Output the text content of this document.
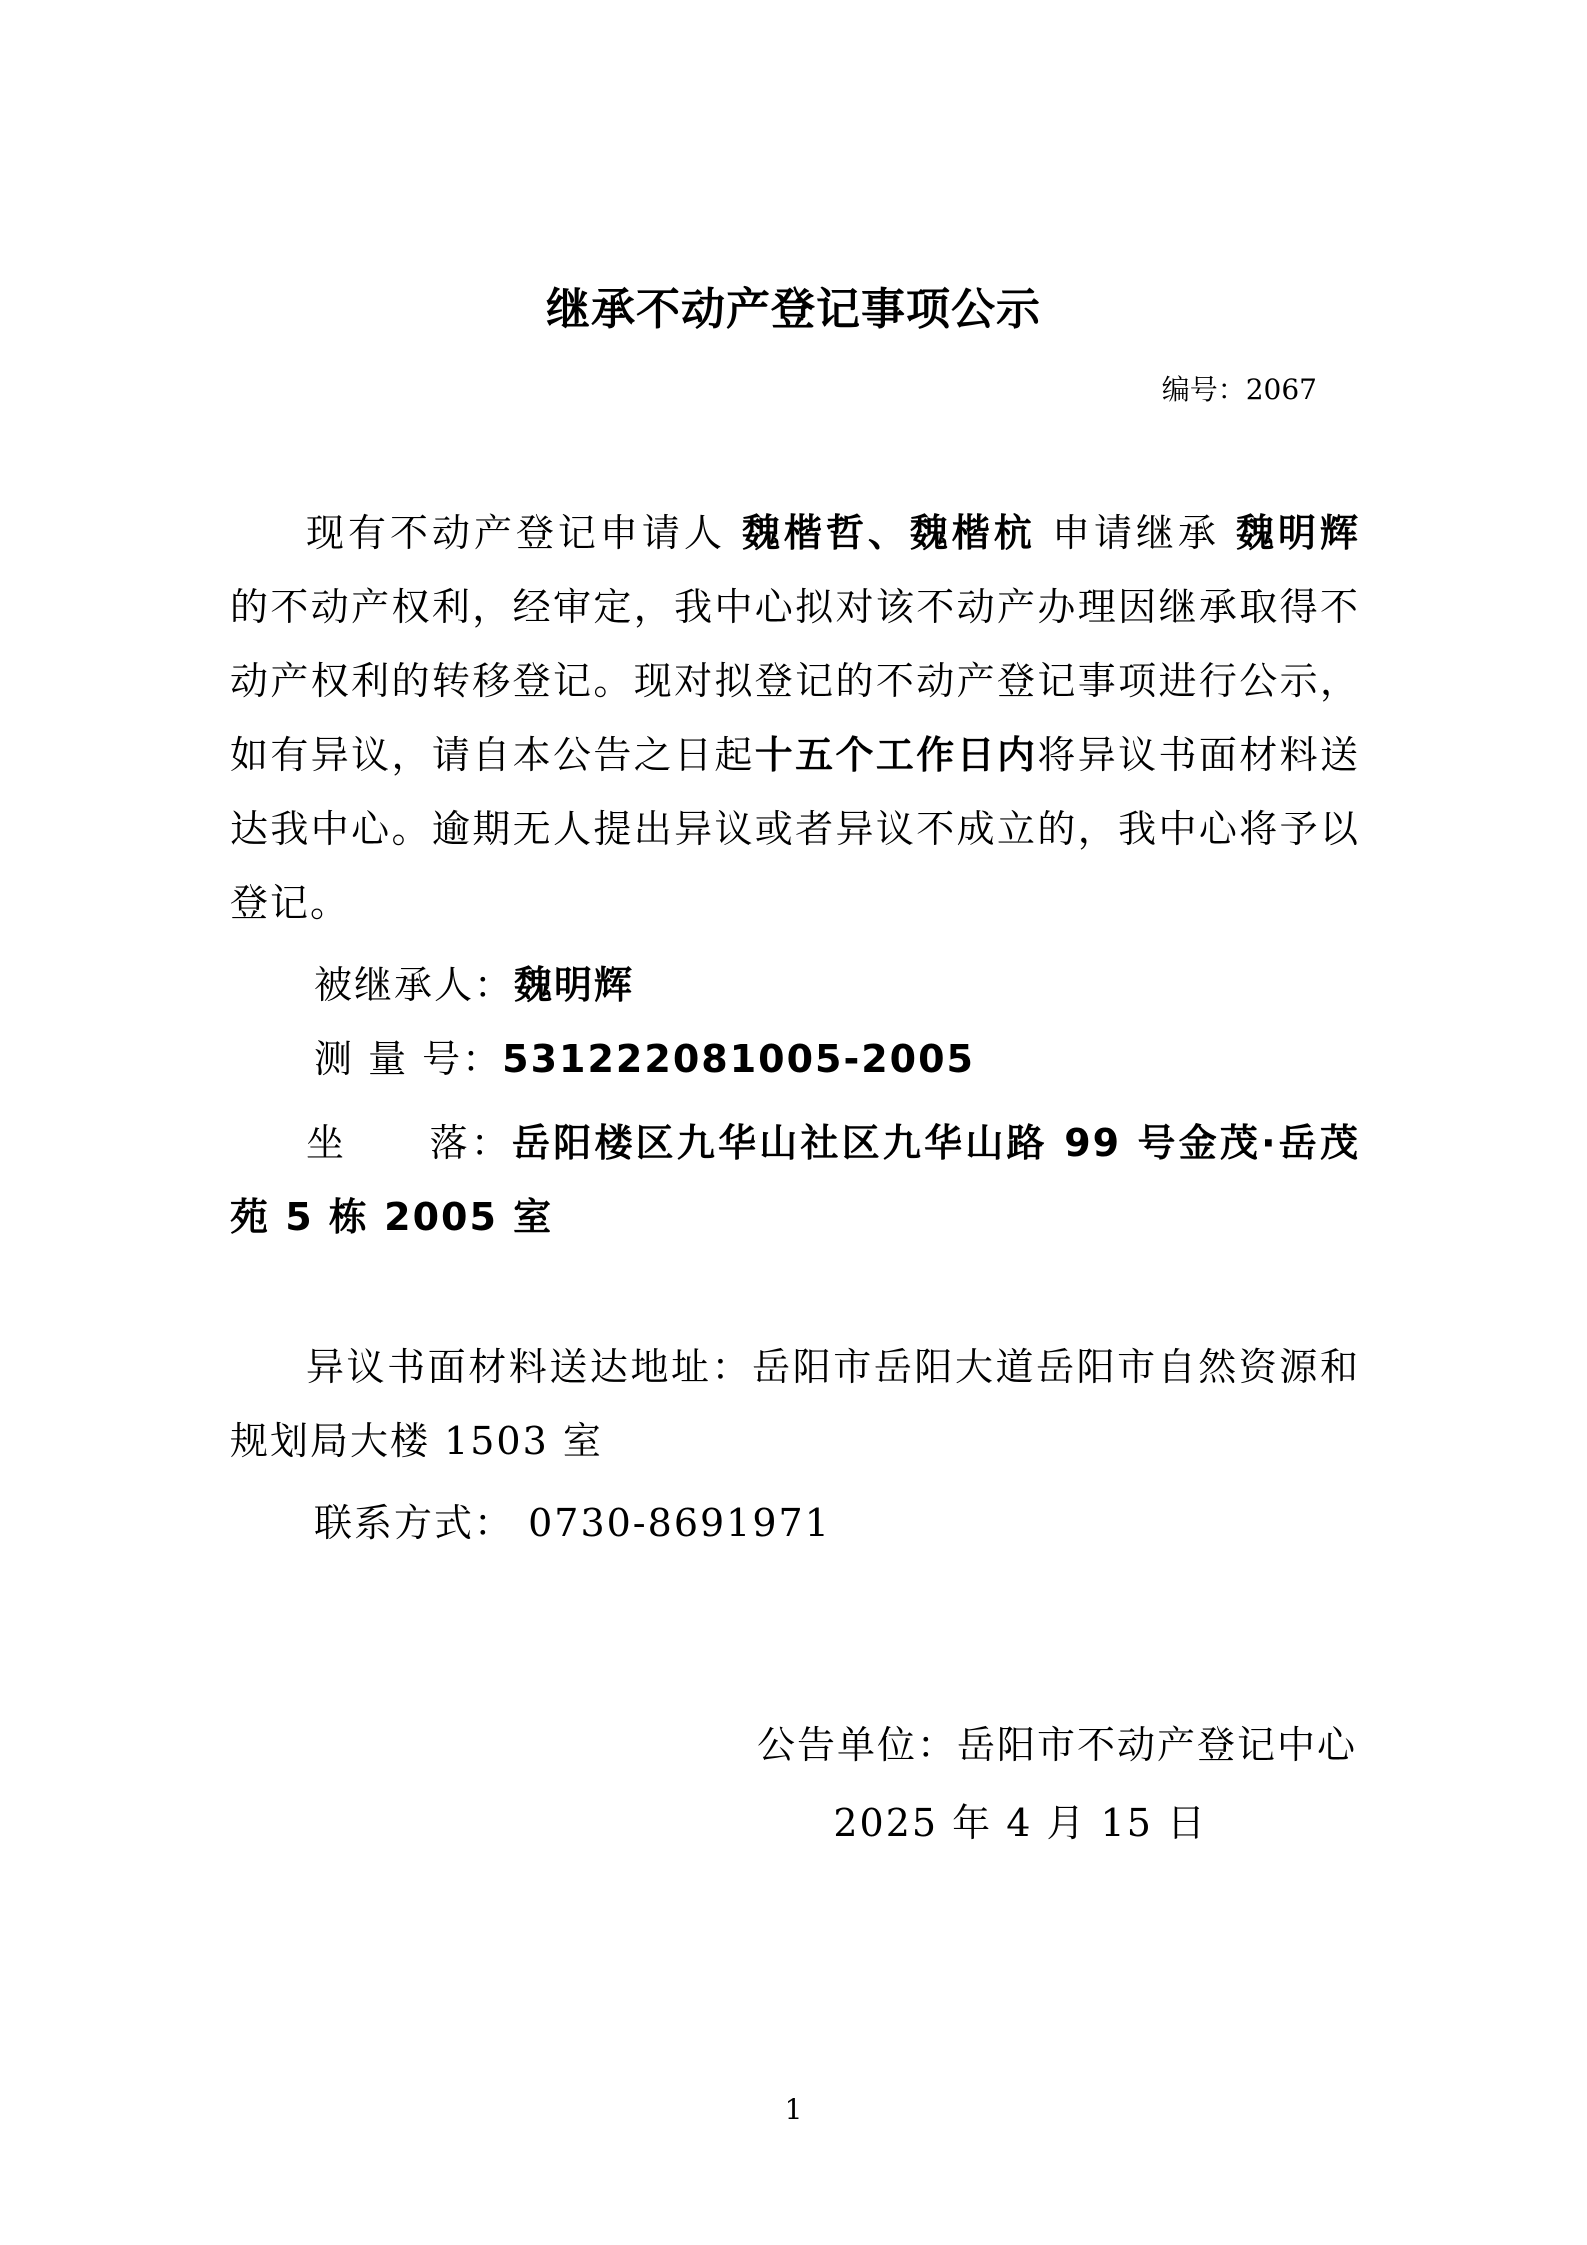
继承不动产登记事项公示
编号：2067
现有不动产登记申请人 魏楷哲、魏楷杭 申请继承 魏明辉 的不动产权利，经审定，我中心拟对该不动产办理因继承取得不动产权利的转移登记。现对拟登记的不动产登记事项进行公示，如有异议，请自本公告之日起十五个工作日内将异议书面材料送达我中心。逾期无人提出异议或者异议不成立的，我中心将予以登记。
被继承人：魏明辉
测 量 号：531222081005-2005
坐　　落：岳阳楼区九华山社区九华山路 99 号金茂·岳茂苑 5 栋 2005 室
异议书面材料送达地址：岳阳市岳阳大道岳阳市自然资源和规划局大楼 1503 室
联系方式： 0730-8691971
公告单位：岳阳市不动产登记中心
2025 年 4 月 15 日
1
